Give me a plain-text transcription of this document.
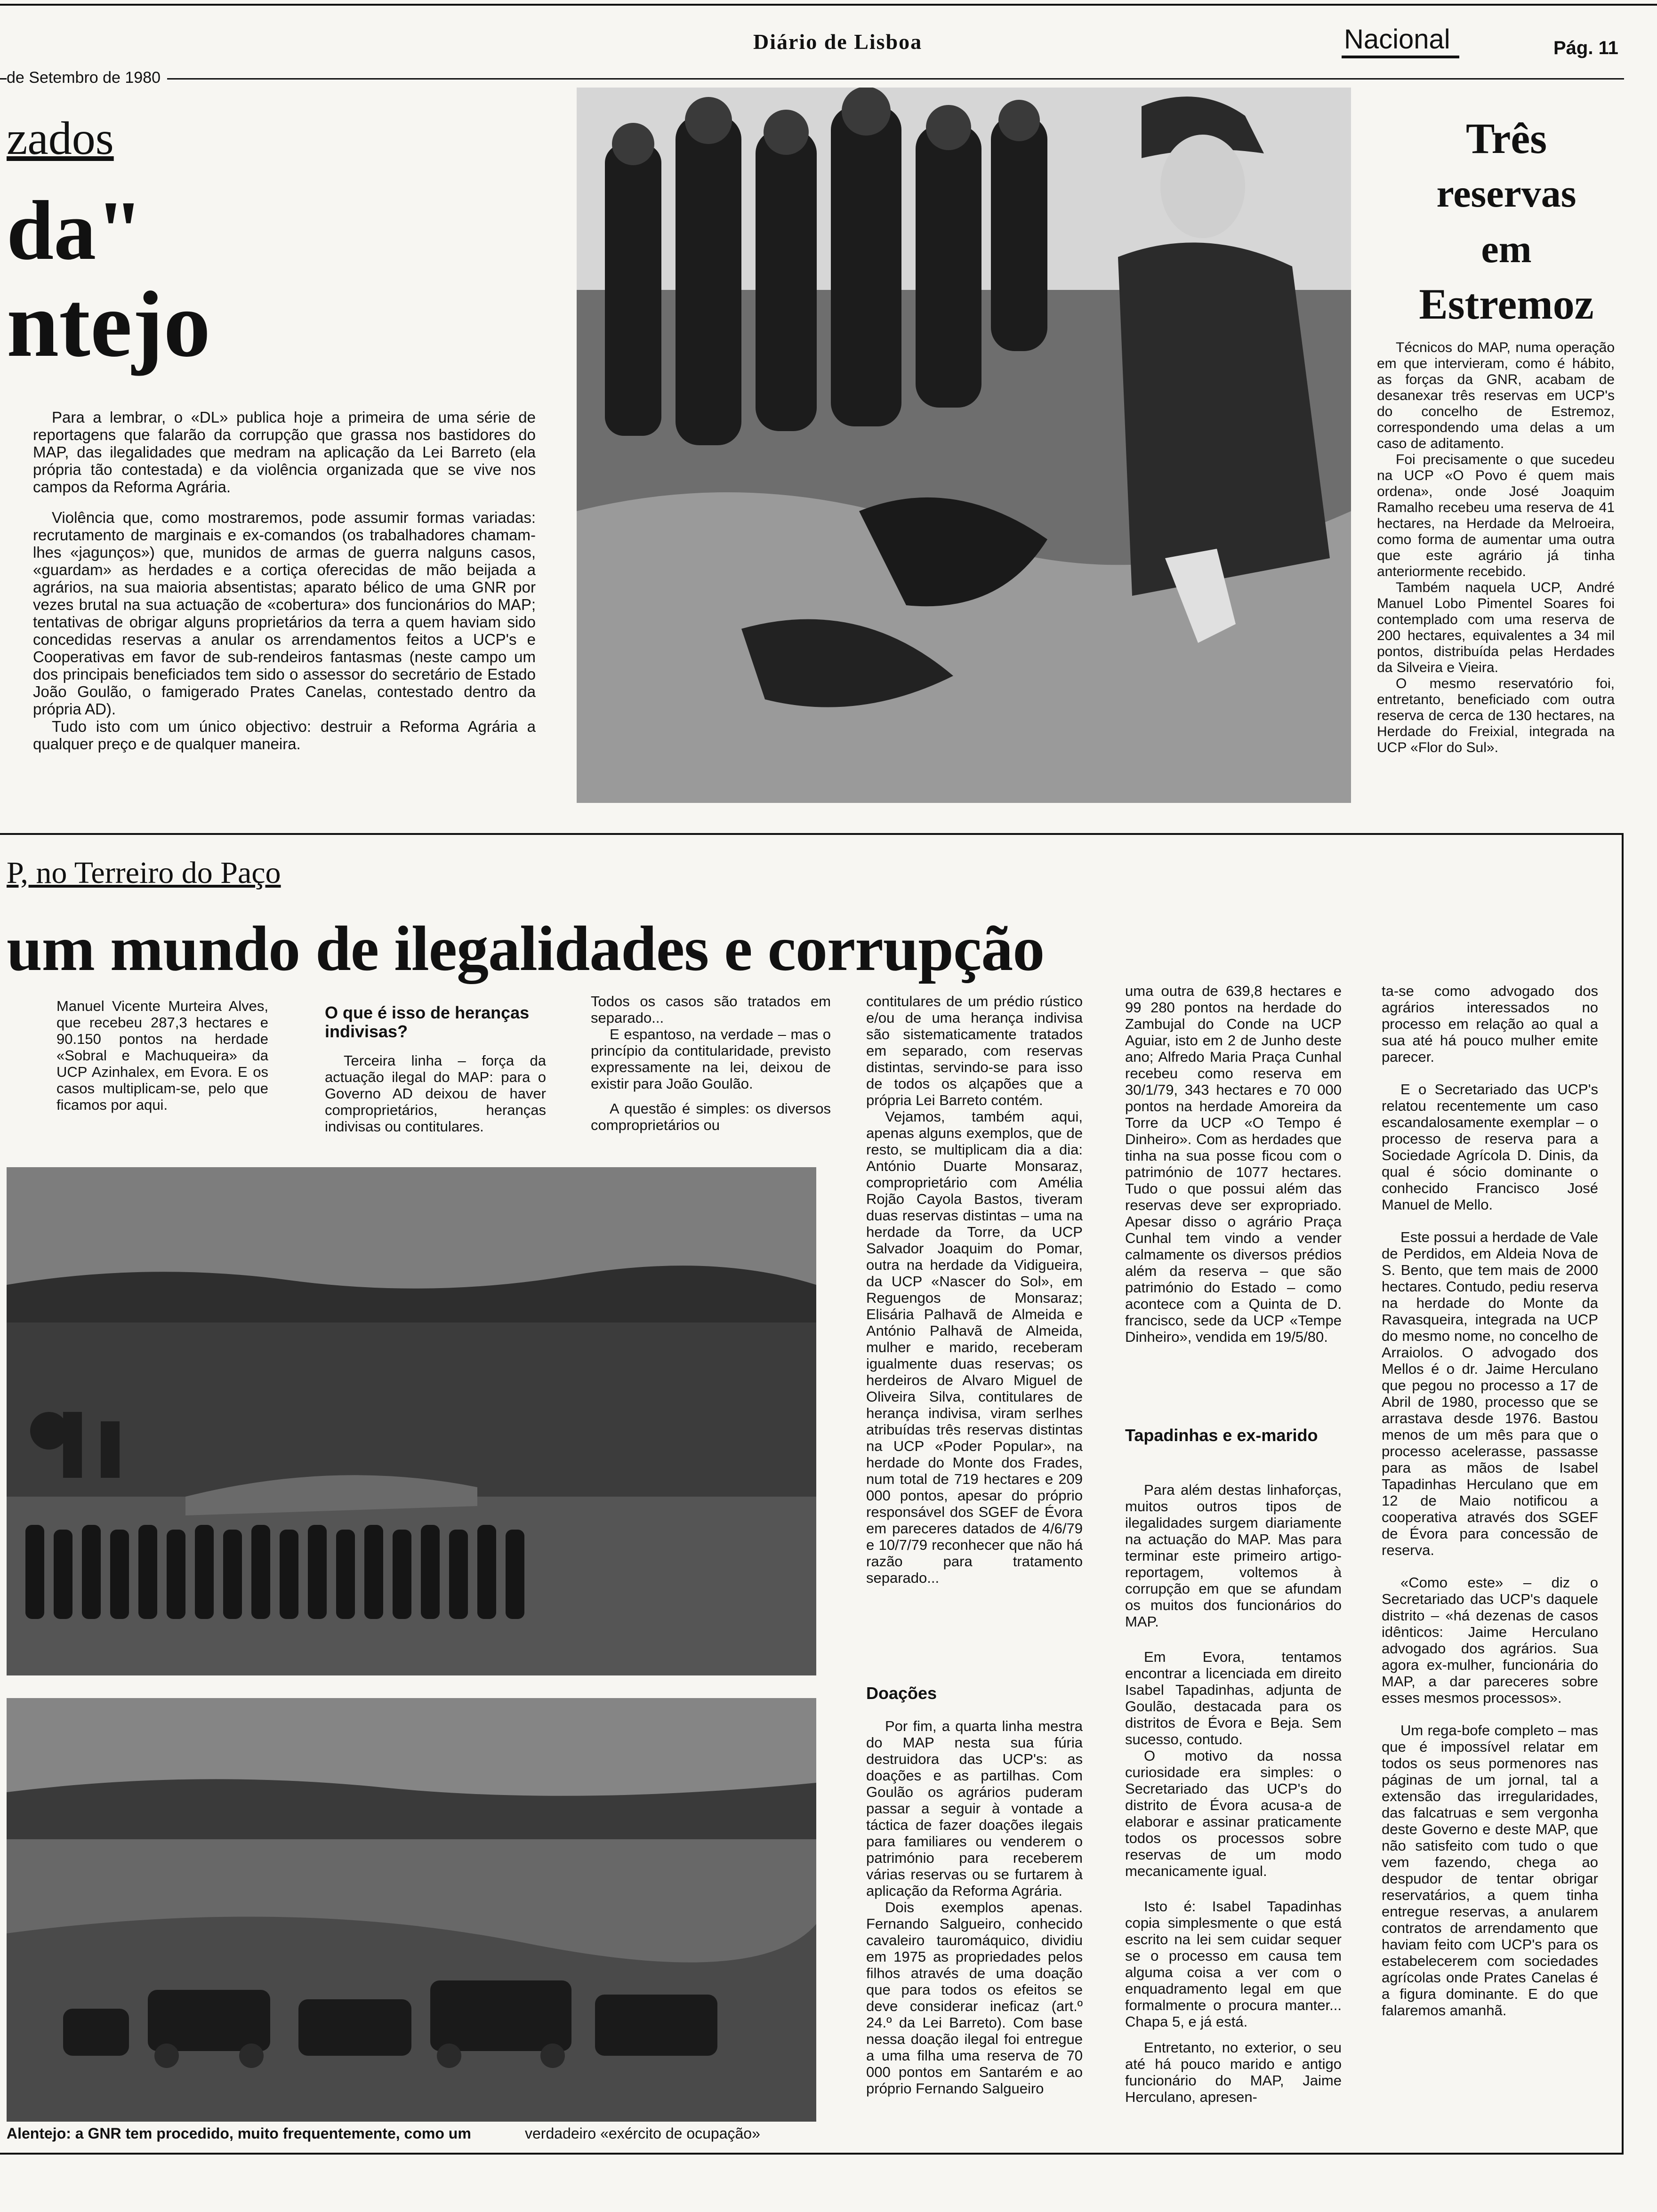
Diário de Lisboa	Nacional	Pág. 11
de Setembro de 1980
zados
da"
ntejo

Para a lembrar, o «DL» publica hoje a primeira de uma série de reportagens que falarão da corrupção que grassa nos bastidores do MAP, das ilegalidades que medram na aplicação da Lei Barreto (ela própria tão contestada) e da violência organizada que se vive nos campos da Reforma Agrária.

Violência que, como mostraremos, pode assumir formas variadas: recrutamento de marginais e ex-comandos (os trabalhadores chamam-lhes «jagunços») que, munidos de armas de guerra nalguns casos, «guardam» as herdades e a cortiça oferecidas de mão beijada a agrários, na sua maioria absentistas; aparato bélico de uma GNR por vezes brutal na sua actuação de «cobertura» dos funcionários do MAP; tentativas de obrigar alguns proprietários da terra a quem haviam sido concedidas reservas a anular os arrendamentos feitos a UCP's e Cooperativas em favor de sub-rendeiros fantasmas (neste campo um dos principais beneficiados tem sido o assessor do secretário de Estado João Goulão, o famigerado Prates Canelas, contestado dentro da própria AD).

Tudo isto com um único objectivo: destruir a Reforma Agrária a qualquer preço e de qualquer maneira.

Três
reservas
em
Estremoz

Técnicos do MAP, numa operação em que intervieram, como é hábito, as forças da GNR, acabam de desanexar três reservas em UCP's do concelho de Estremoz, correspondendo uma delas a um caso de aditamento.

Foi precisamente o que sucedeu na UCP «O Povo é quem mais ordena», onde José Joaquim Ramalho recebeu uma reserva de 41 hectares, na Herdade da Melroeira, como forma de aumentar uma outra que este agrário já tinha anteriormente recebido.

Também naquela UCP, André Manuel Lobo Pimentel Soares foi contemplado com uma reserva de 200 hectares, equivalentes a 34 mil pontos, distribuída pelas Herdades da Silveira e Vieira.

O mesmo reservatório foi, entretanto, beneficiado com outra reserva de cerca de 130 hectares, na Herdade do Freixial, integrada na UCP «Flor do Sul».

P, no Terreiro do Paço
um mundo de ilegalidades e corrupção

Manuel Vicente Murteira Alves, que recebeu 287,3 hectares e 90.150 pontos na herdade «Sobral e Machuqueira» da UCP Azinhalex, em Evora. E os casos multiplicam-se, pelo que ficamos por aqui.

O que é isso de heranças indivisas?

Terceira linha – força da actuação ilegal do MAP: para o Governo AD deixou de haver comproprietários, heranças indivisas ou contitulares.

Todos os casos são tratados em separado...

E espantoso, na verdade – mas o princípio da contitularidade, previsto expressamente na lei, deixou de existir para João Goulão.

A questão é simples: os diversos comproprietários ou

contitulares de um prédio rústico e/ou de uma herança indivisa são sistematicamente tratados em separado, com reservas distintas, servindo-se para isso de todos os alçapões que a própria Lei Barreto contém.

Vejamos, também aqui, apenas alguns exemplos, que de resto, se multiplicam dia a dia: António Duarte Monsaraz, comproprietário com Amélia Rojão Cayola Bastos, tiveram duas reservas distintas – uma na herdade da Torre, da UCP Salvador Joaquim do Pomar, outra na herdade da Vidigueira, da UCP «Nascer do Sol», em Reguengos de Monsaraz; Elisária Palhavã de Almeida e António Palhavã de Almeida, mulher e marido, receberam igualmente duas reservas; os herdeiros de Alvaro Miguel de Oliveira Silva, contitulares de herança indivisa, viram serlhes atribuídas três reservas distintas na UCP «Poder Popular», na herdade do Monte dos Frades, num total de 719 hectares e 209 000 pontos, apesar do próprio responsável dos SGEF de Évora em pareceres datados de 4/6/79 e 10/7/79 reconhecer que não há razão para tratamento separado...

Doações

Por fim, a quarta linha mestra do MAP nesta sua fúria destruidora das UCP's: as doações e as partilhas. Com Goulão os agrários puderam passar a seguir à vontade a táctica de fazer doações ilegais para familiares ou venderem o património para receberem várias reservas ou se furtarem à aplicação da Reforma Agrária.

Dois exemplos apenas. Fernando Salgueiro, conhecido cavaleiro tauromáquico, dividiu em 1975 as propriedades pelos filhos através de uma doação que para todos os efeitos se deve considerar ineficaz (art.º 24.º da Lei Barreto). Com base nessa doação ilegal foi entregue a uma filha uma reserva de 70 000 pontos em Santarém e ao próprio Fernando Salgueiro

uma outra de 639,8 hectares e 99 280 pontos na herdade do Zambujal do Conde na UCP Aguiar, isto em 2 de Junho deste ano; Alfredo Maria Praça Cunhal recebeu como reserva em 30/1/79, 343 hectares e 70 000 pontos na herdade Amoreira da Torre da UCP «O Tempo é Dinheiro». Com as herdades que tinha na sua posse ficou com o património de 1077 hectares. Tudo o que possui além das reservas deve ser expropriado. Apesar disso o agrário Praça Cunhal tem vindo a vender calmamente os diversos prédios além da reserva – que são património do Estado – como acontece com a Quinta de D. francisco, sede da UCP «Tempe Dinheiro», vendida em 19/5/80.

Tapadinhas e ex-marido

Para além destas linhaforças, muitos outros tipos de ilegalidades surgem diariamente na actuação do MAP. Mas para terminar este primeiro artigo-reportagem, voltemos à corrupção em que se afundam os muitos dos funcionários do MAP.

Em Evora, tentamos encontrar a licenciada em direito Isabel Tapadinhas, adjunta de Goulão, destacada para os distritos de Évora e Beja. Sem sucesso, contudo.

O motivo da nossa curiosidade era simples: o Secretariado das UCP's do distrito de Évora acusa-a de elaborar e assinar praticamente todos os processos sobre reservas de um modo mecanicamente igual.

Isto é: Isabel Tapadinhas copia simplesmente o que está escrito na lei sem cuidar sequer se o processo em causa tem alguma coisa a ver com o enquadramento legal em que formalmente o procura manter... Chapa 5, e já está.

Entretanto, no exterior, o seu até há pouco marido e antigo funcionário do MAP, Jaime Herculano, apresen-

ta-se como advogado dos agrários interessados no processo em relação ao qual a sua até há pouco mulher emite parecer.

E o Secretariado das UCP's relatou recentemente um caso escandalosamente exemplar – o processo de reserva para a Sociedade Agrícola D. Dinis, da qual é sócio dominante o conhecido Francisco José Manuel de Mello.

Este possui a herdade de Vale de Perdidos, em Aldeia Nova de S. Bento, que tem mais de 2000 hectares. Contudo, pediu reserva na herdade do Monte da Ravasqueira, integrada na UCP do mesmo nome, no concelho de Arraiolos. O advogado dos Mellos é o dr. Jaime Herculano que pegou no processo a 17 de Abril de 1980, processo que se arrastava desde 1976. Bastou menos de um mês para que o processo acelerasse, passasse para as mãos de Isabel Tapadinhas Herculano que em 12 de Maio notificou a cooperativa através dos SGEF de Évora para concessão de reserva.

«Como este» – diz o Secretariado das UCP's daquele distrito – «há dezenas de casos idênticos: Jaime Herculano advogado dos agrários. Sua agora ex-mulher, funcionária do MAP, a dar pareceres sobre esses mesmos processos».

Um rega-bofe completo – mas que é impossível relatar em todos os seus pormenores nas páginas de um jornal, tal a extensão das irregularidades, das falcatruas e sem vergonha deste Governo e deste MAP, que não satisfeito com tudo o que vem fazendo, chega ao despudor de tentar obrigar reservatários, a quem tinha entregue reservas, a anularem contratos de arrendamento que haviam feito com UCP's para os estabelecerem com sociedades agrícolas onde Prates Canelas é a figura dominante. E do que falaremos amanhã.

Alentejo: a GNR tem procedido, muito frequentemente, como um	verdadeiro «exército de ocupação»
